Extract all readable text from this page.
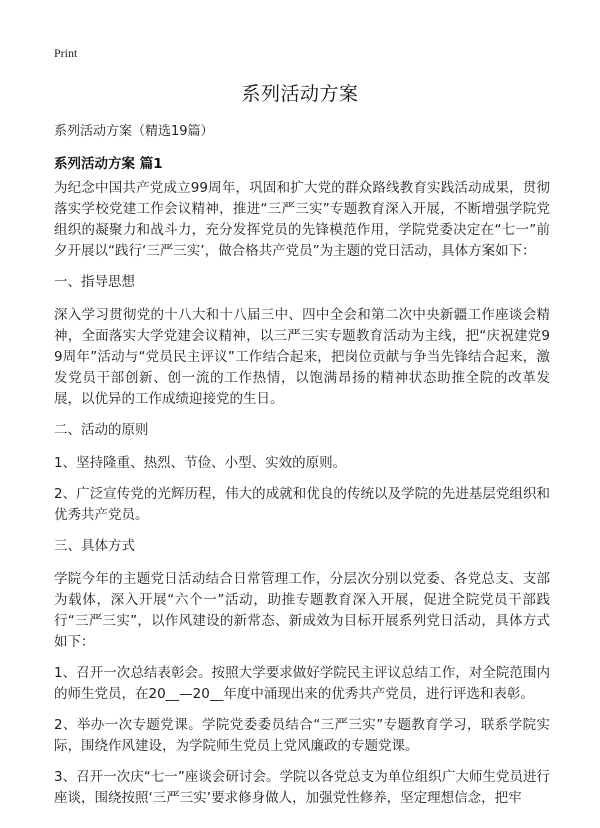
Print
系列活动方案
系列活动方案（精选19篇）
系列活动方案 篇1

为纪念中国共产党成立99周年，巩固和扩大党的群众路线教育实践活动成果，贯彻落实学校党建工作会议精神，推进“三严三实”专题教育深入开展，不断增强学院党组织的凝聚力和战斗力，充分发挥党员的先锋模范作用，学院党委决定在“七一”前夕开展以“践行‘三严三实’，做合格共产党员”为主题的党日活动，具体方案如下：

一、指导思想

深入学习贯彻党的十八大和十八届三中、四中全会和第二次中央新疆工作座谈会精神，全面落实大学党建会议精神，以三严三实专题教育活动为主线，把“庆祝建党99周年”活动与“党员民主评议”工作结合起来，把岗位贡献与争当先锋结合起来，激发党员干部创新、创一流的工作热情，以饱满昂扬的精神状态助推全院的改革发展，以优异的工作成绩迎接党的生日。

二、活动的原则

1、坚持隆重、热烈、节俭、小型、实效的原则。

2、广泛宣传党的光辉历程，伟大的成就和优良的传统以及学院的先进基层党组织和优秀共产党员。

三、具体方式

学院今年的主题党日活动结合日常管理工作，分层次分别以党委、各党总支、支部为载体，深入开展“六个一”活动，助推专题教育深入开展，促进全院党员干部践行“三严三实”，以作风建设的新常态、新成效为目标开展系列党日活动，具体方式如下：

1、召开一次总结表彰会。按照大学要求做好学院民主评议总结工作，对全院范围内的师生党员，在20__—20__年度中涌现出来的优秀共产党员，进行评选和表彰。

2、举办一次专题党课。学院党委委员结合“三严三实”专题教育学习，联系学院实际，围绕作风建设，为学院师生党员上党风廉政的专题党课。

3、召开一次庆“七一”座谈会研讨会。学院以各党总支为单位组织广大师生党员进行座谈，围绕按照‘三严三实’要求修身做人，加强党性修养，坚定理想信念，把牢
